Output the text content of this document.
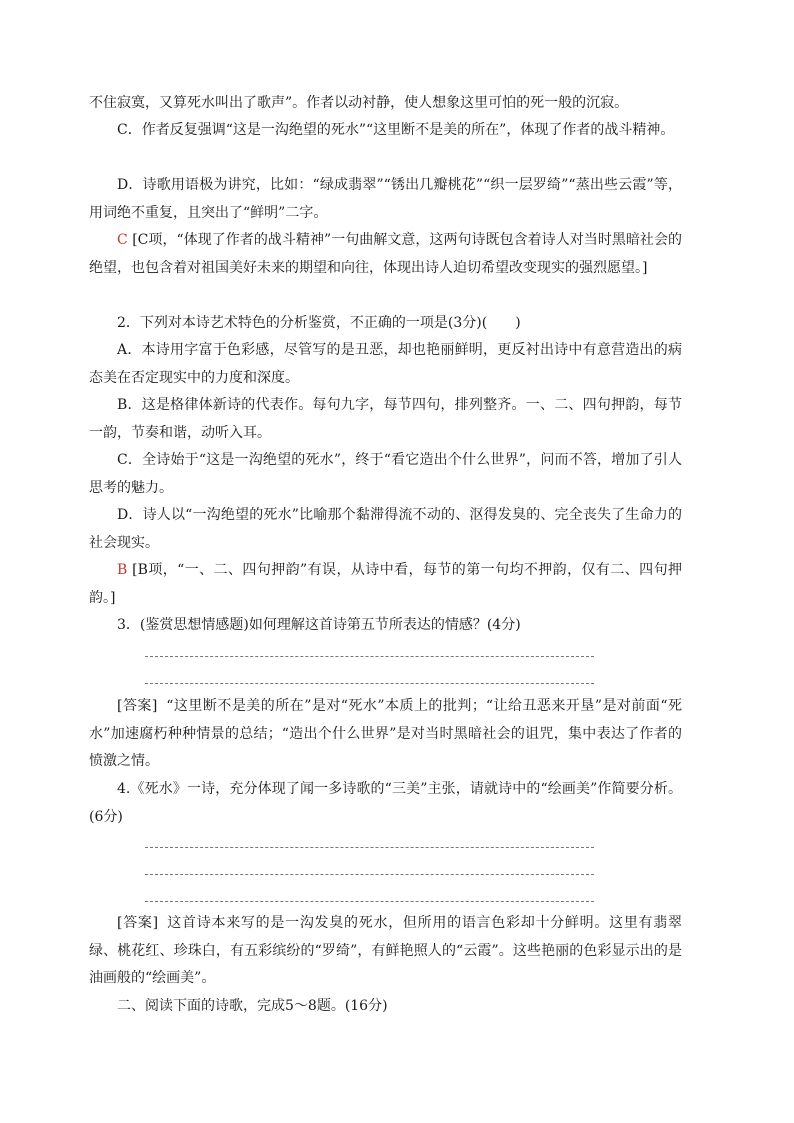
不住寂寞，又算死水叫出了歌声”。作者以动衬静，使人想象这里可怕的死一般的沉寂。

C．作者反复强调“这是一沟绝望的死水”“这里断不是美的所在”，体现了作者的战斗精神。

D．诗歌用语极为讲究，比如：“绿成翡翠”“锈出几瓣桃花”“织一层罗绮”“蒸出些云霞”等，用词绝不重复，且突出了“鲜明”二字。

C [C项，“体现了作者的战斗精神”一句曲解文意，这两句诗既包含着诗人对当时黑暗社会的绝望，也包含着对祖国美好未来的期望和向往，体现出诗人迫切希望改变现实的强烈愿望。]

2．下列对本诗艺术特色的分析鉴赏，不正确的一项是(3分)(　　)

A．本诗用字富于色彩感，尽管写的是丑恶，却也艳丽鲜明，更反衬出诗中有意营造出的病态美在否定现实中的力度和深度。

B．这是格律体新诗的代表作。每句九字，每节四句，排列整齐。一、二、四句押韵，每节一韵，节奏和谐，动听入耳。

C．全诗始于“这是一沟绝望的死水”，终于“看它造出个什么世界”，问而不答，增加了引人思考的魅力。

D．诗人以“一沟绝望的死水”比喻那个黏滞得流不动的、沤得发臭的、完全丧失了生命力的社会现实。

B [B项，“一、二、四句押韵”有误，从诗中看，每节的第一句均不押韵，仅有二、四句押韵。]

3．(鉴赏思想情感题)如何理解这首诗第五节所表达的情感？(4分)

[答案] “这里断不是美的所在”是对“死水”本质上的批判；“让给丑恶来开垦”是对前面“死水”加速腐朽种种情景的总结；“造出个什么世界”是对当时黑暗社会的诅咒，集中表达了作者的愤激之情。

4.《死水》一诗，充分体现了闻一多诗歌的“三美”主张，请就诗中的“绘画美”作简要分析。(6分)

[答案] 这首诗本来写的是一沟发臭的死水，但所用的语言色彩却十分鲜明。这里有翡翠绿、桃花红、珍珠白，有五彩缤纷的“罗绮”，有鲜艳照人的“云霞”。这些艳丽的色彩显示出的是油画般的“绘画美”。

二、阅读下面的诗歌，完成5～8题。(16分)
